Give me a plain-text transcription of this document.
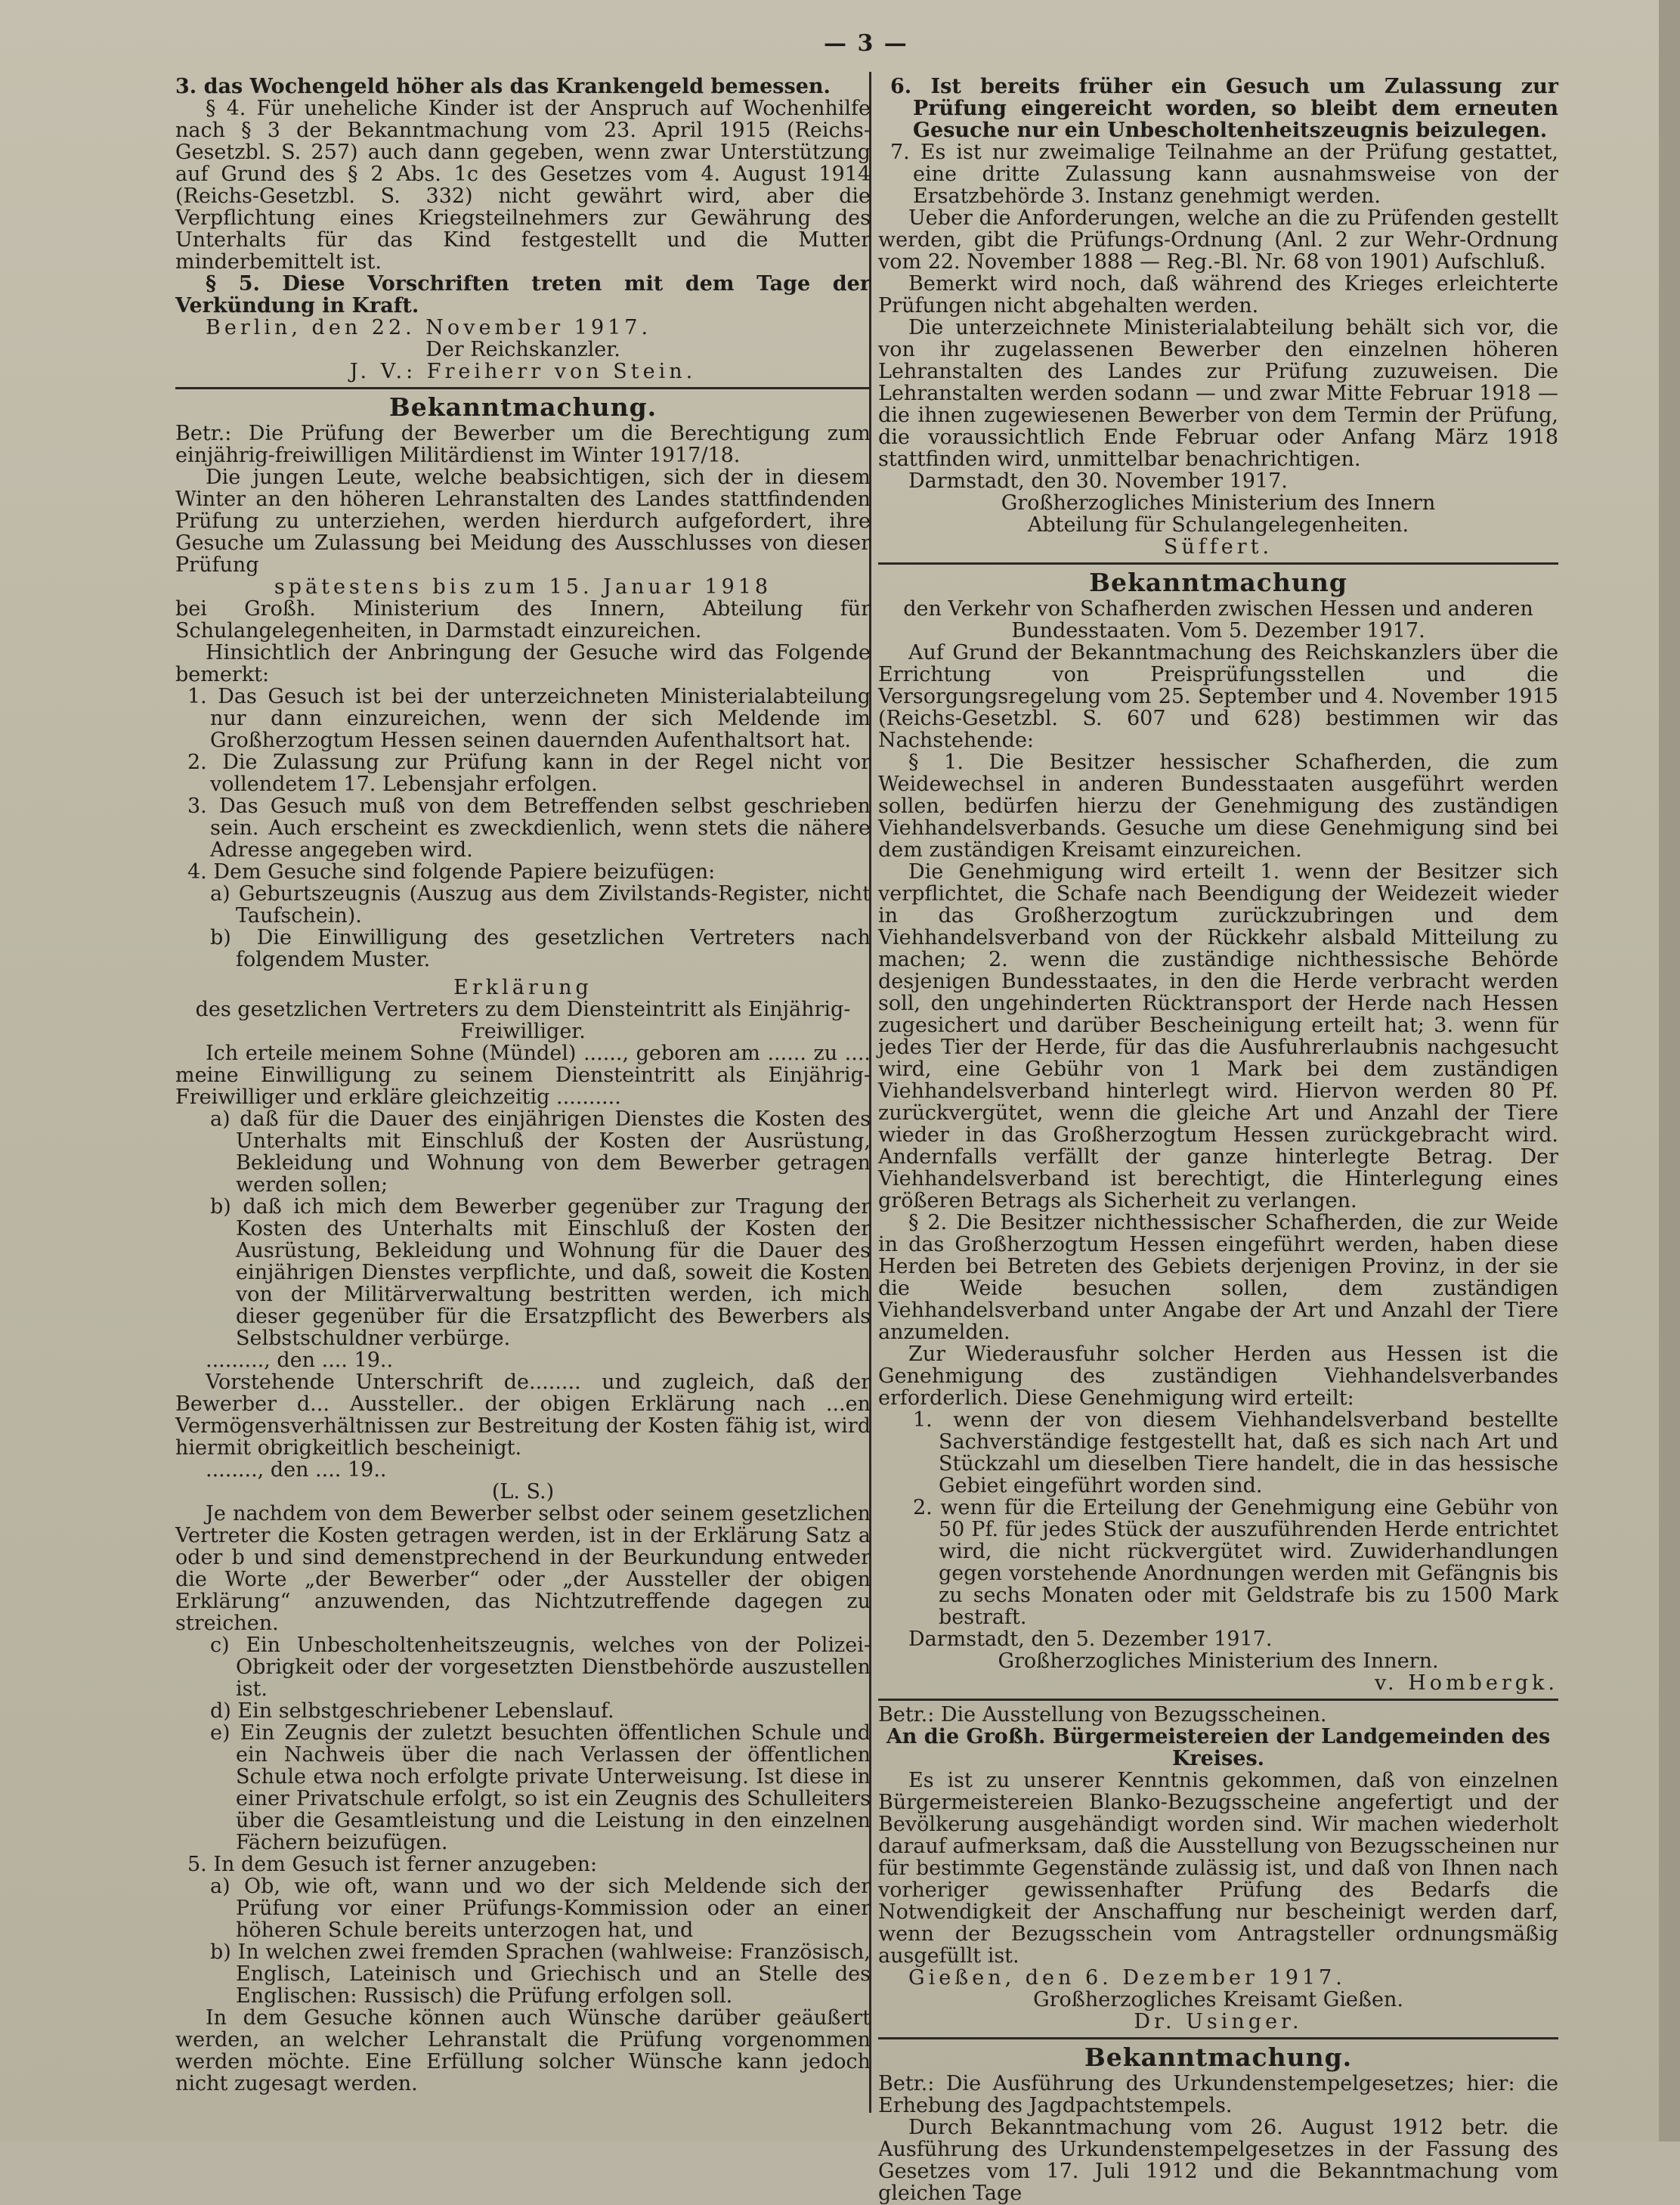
— 3 —

3. das Wochengeld höher als das Krankengeld bemessen.

§ 4. Für uneheliche Kinder ist der Anspruch auf Wochenhilfe nach § 3 der Bekanntmachung vom 23. April 1915 (Reichs-Gesetzbl. S. 257) auch dann gegeben, wenn zwar Unterstützung auf Grund des § 2 Abs. 1c des Gesetzes vom 4. August 1914 (Reichs-Gesetzbl. S. 332) nicht gewährt wird, aber die Verpflichtung eines Kriegsteilnehmers zur Gewährung des Unterhalts für das Kind festgestellt und die Mutter minderbemittelt ist.

§ 5. Diese Vorschriften treten mit dem Tage der Verkündung in Kraft.

Berlin, den 22. November 1917.

Der Reichskanzler.

J. V.: Freiherr von Stein.

Bekanntmachung.

Betr.: Die Prüfung der Bewerber um die Berechtigung zum einjährig-freiwilligen Militärdienst im Winter 1917/18.

Die jungen Leute, welche beabsichtigen, sich der in diesem Winter an den höheren Lehranstalten des Landes stattfindenden Prüfung zu unterziehen, werden hierdurch aufgefordert, ihre Gesuche um Zulassung bei Meidung des Ausschlusses von dieser Prüfung

spätestens bis zum 15. Januar 1918

bei Großh. Ministerium des Innern, Abteilung für Schulangelegenheiten, in Darmstadt einzureichen.

Hinsichtlich der Anbringung der Gesuche wird das Folgende bemerkt:

1. Das Gesuch ist bei der unterzeichneten Ministerialabteilung nur dann einzureichen, wenn der sich Meldende im Großherzogtum Hessen seinen dauernden Aufenthaltsort hat.

2. Die Zulassung zur Prüfung kann in der Regel nicht vor vollendetem 17. Lebensjahr erfolgen.

3. Das Gesuch muß von dem Betreffenden selbst geschrieben sein. Auch erscheint es zweckdienlich, wenn stets die nähere Adresse angegeben wird.

4. Dem Gesuche sind folgende Papiere beizufügen:

a) Geburtszeugnis (Auszug aus dem Zivilstands-Register, nicht Taufschein).

b) Die Einwilligung des gesetzlichen Vertreters nach folgendem Muster.

Erklärung

des gesetzlichen Vertreters zu dem Diensteintritt als Einjährig-Freiwilliger.

Ich erteile meinem Sohne (Mündel) ......, geboren am ...... zu .... meine Einwilligung zu seinem Diensteintritt als Einjährig-Freiwilliger und erkläre gleichzeitig ..........

a) daß für die Dauer des einjährigen Dienstes die Kosten des Unterhalts mit Einschluß der Kosten der Ausrüstung, Bekleidung und Wohnung von dem Bewerber getragen werden sollen;

b) daß ich mich dem Bewerber gegenüber zur Tragung der Kosten des Unterhalts mit Einschluß der Kosten der Ausrüstung, Bekleidung und Wohnung für die Dauer des einjährigen Dienstes verpflichte, und daß, soweit die Kosten von der Militärverwaltung bestritten werden, ich mich dieser gegenüber für die Ersatzpflicht des Bewerbers als Selbstschuldner verbürge.

........., den .... 19..

Vorstehende Unterschrift de........ und zugleich, daß der Bewerber d... Aussteller.. der obigen Erklärung nach ...en Vermögensverhältnissen zur Bestreitung der Kosten fähig ist, wird hiermit obrigkeitlich bescheinigt.

........, den .... 19..

(L. S.)

Je nachdem von dem Bewerber selbst oder seinem gesetzlichen Vertreter die Kosten getragen werden, ist in der Erklärung Satz a oder b und sind demenstprechend in der Beurkundung entweder die Worte „der Bewerber“ oder „der Aussteller der obigen Erklärung“ anzuwenden, das Nichtzutreffende dagegen zu streichen.

c) Ein Unbescholtenheitszeugnis, welches von der Polizei-Obrigkeit oder der vorgesetzten Dienstbehörde auszustellen ist.

d) Ein selbstgeschriebener Lebenslauf.

e) Ein Zeugnis der zuletzt besuchten öffentlichen Schule und ein Nachweis über die nach Verlassen der öffentlichen Schule etwa noch erfolgte private Unterweisung. Ist diese in einer Privatschule erfolgt, so ist ein Zeugnis des Schulleiters über die Gesamtleistung und die Leistung in den einzelnen Fächern beizufügen.

5. In dem Gesuch ist ferner anzugeben:

a) Ob, wie oft, wann und wo der sich Meldende sich der Prüfung vor einer Prüfungs-Kommission oder an einer höheren Schule bereits unterzogen hat, und

b) In welchen zwei fremden Sprachen (wahlweise: Französisch, Englisch, Lateinisch und Griechisch und an Stelle des Englischen: Russisch) die Prüfung erfolgen soll.

In dem Gesuche können auch Wünsche darüber geäußert werden, an welcher Lehranstalt die Prüfung vorgenommen werden möchte. Eine Erfüllung solcher Wünsche kann jedoch nicht zugesagt werden.

6. Ist bereits früher ein Gesuch um Zulassung zur Prüfung eingereicht worden, so bleibt dem erneuten Gesuche nur ein Unbescholtenheitszeugnis beizulegen.

7. Es ist nur zweimalige Teilnahme an der Prüfung gestattet, eine dritte Zulassung kann ausnahmsweise von der Ersatzbehörde 3. Instanz genehmigt werden.

Ueber die Anforderungen, welche an die zu Prüfenden gestellt werden, gibt die Prüfungs-Ordnung (Anl. 2 zur Wehr-Ordnung vom 22. November 1888 — Reg.-Bl. Nr. 68 von 1901) Aufschluß.

Bemerkt wird noch, daß während des Krieges erleichterte Prüfungen nicht abgehalten werden.

Die unterzeichnete Ministerialabteilung behält sich vor, die von ihr zugelassenen Bewerber den einzelnen höheren Lehranstalten des Landes zur Prüfung zuzuweisen. Die Lehranstalten werden sodann — und zwar Mitte Februar 1918 — die ihnen zugewiesenen Bewerber von dem Termin der Prüfung, die voraussichtlich Ende Februar oder Anfang März 1918 stattfinden wird, unmittelbar benachrichtigen.

Darmstadt, den 30. November 1917.

Großherzogliches Ministerium des Innern

Abteilung für Schulangelegenheiten.

Süffert.

Bekanntmachung

den Verkehr von Schafherden zwischen Hessen und anderen Bundesstaaten. Vom 5. Dezember 1917.

Auf Grund der Bekanntmachung des Reichskanzlers über die Errichtung von Preisprüfungsstellen und die Versorgungsregelung vom 25. September und 4. November 1915 (Reichs-Gesetzbl. S. 607 und 628) bestimmen wir das Nachstehende:

§ 1. Die Besitzer hessischer Schafherden, die zum Weidewechsel in anderen Bundesstaaten ausgeführt werden sollen, bedürfen hierzu der Genehmigung des zuständigen Viehhandelsverbands. Gesuche um diese Genehmigung sind bei dem zuständigen Kreisamt einzureichen.

Die Genehmigung wird erteilt 1. wenn der Besitzer sich verpflichtet, die Schafe nach Beendigung der Weidezeit wieder in das Großherzogtum zurückzubringen und dem Viehhandelsverband von der Rückkehr alsbald Mitteilung zu machen; 2. wenn die zuständige nichthessische Behörde desjenigen Bundesstaates, in den die Herde verbracht werden soll, den ungehinderten Rücktransport der Herde nach Hessen zugesichert und darüber Bescheinigung erteilt hat; 3. wenn für jedes Tier der Herde, für das die Ausfuhrerlaubnis nachgesucht wird, eine Gebühr von 1 Mark bei dem zuständigen Viehhandelsverband hinterlegt wird. Hiervon werden 80 Pf. zurückvergütet, wenn die gleiche Art und Anzahl der Tiere wieder in das Großherzogtum Hessen zurückgebracht wird. Andernfalls verfällt der ganze hinterlegte Betrag. Der Viehhandelsverband ist berechtigt, die Hinterlegung eines größeren Betrags als Sicherheit zu verlangen.

§ 2. Die Besitzer nichthessischer Schafherden, die zur Weide in das Großherzogtum Hessen eingeführt werden, haben diese Herden bei Betreten des Gebiets derjenigen Provinz, in der sie die Weide besuchen sollen, dem zuständigen Viehhandelsverband unter Angabe der Art und Anzahl der Tiere anzumelden.

Zur Wiederausfuhr solcher Herden aus Hessen ist die Genehmigung des zuständigen Viehhandelsverbandes erforderlich. Diese Genehmigung wird erteilt:

1. wenn der von diesem Viehhandelsverband bestellte Sachverständige festgestellt hat, daß es sich nach Art und Stückzahl um dieselben Tiere handelt, die in das hessische Gebiet eingeführt worden sind.

2. wenn für die Erteilung der Genehmigung eine Gebühr von 50 Pf. für jedes Stück der auszuführenden Herde entrichtet wird, die nicht rückvergütet wird. Zuwiderhandlungen gegen vorstehende Anordnungen werden mit Gefängnis bis zu sechs Monaten oder mit Geldstrafe bis zu 1500 Mark bestraft.

Darmstadt, den 5. Dezember 1917.

Großherzogliches Ministerium des Innern.

v. Hombergk.

Betr.: Die Ausstellung von Bezugsscheinen.

An die Großh. Bürgermeistereien der Landgemeinden des Kreises.

Es ist zu unserer Kenntnis gekommen, daß von einzelnen Bürgermeistereien Blanko-Bezugsscheine angefertigt und der Bevölkerung ausgehändigt worden sind. Wir machen wiederholt darauf aufmerksam, daß die Ausstellung von Bezugsscheinen nur für bestimmte Gegenstände zulässig ist, und daß von Ihnen nach vorheriger gewissenhafter Prüfung des Bedarfs die Notwendigkeit der Anschaffung nur bescheinigt werden darf, wenn der Bezugsschein vom Antragsteller ordnungsmäßig ausgefüllt ist.

Gießen, den 6. Dezember 1917.

Großherzogliches Kreisamt Gießen.

Dr. Usinger.

Bekanntmachung.

Betr.: Die Ausführung des Urkundenstempelgesetzes; hier: die Erhebung des Jagdpachtstempels.

Durch Bekanntmachung vom 26. August 1912 betr. die Ausführung des Urkundenstempelgesetzes in der Fassung des Gesetzes vom 17. Juli 1912 und die Bekanntmachung vom gleichen Tage
